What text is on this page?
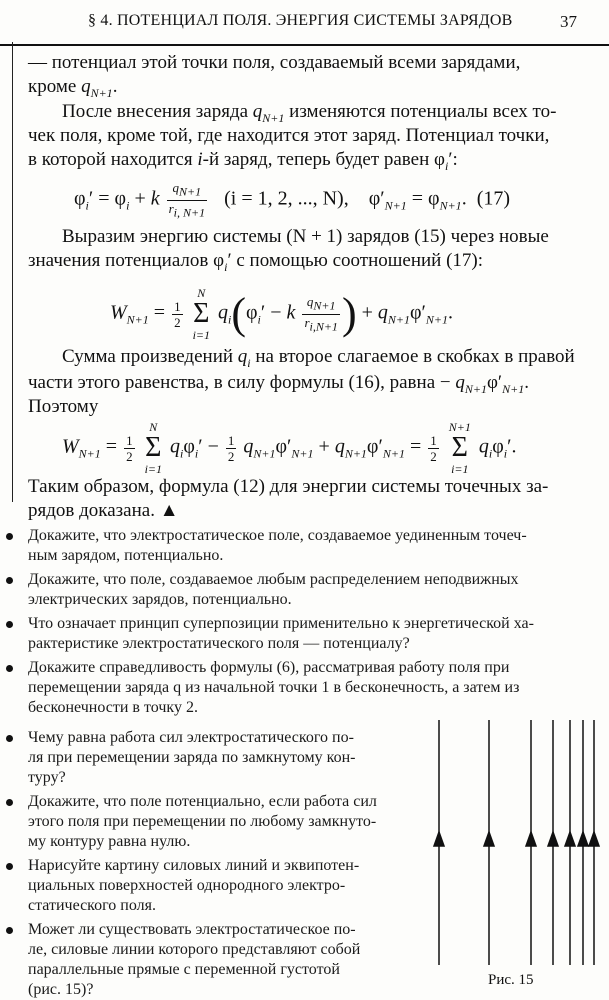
§ 4. ПОТЕНЦИАЛ ПОЛЯ. ЭНЕРГИЯ СИСТЕМЫ ЗАРЯДОВ	37
— потенциал этой точки поля, создаваемый всеми зарядами,
кроме $q_{N+1}$.
После внесения заряда $q_{N+1}$ изменяются потенциалы всех то-
чек поля, кроме той, где находится этот заряд. Потенциал точки,
в которой находится i-й заряд, теперь будет равен $\varphi_i'$:
$\varphi_i' = \varphi_i + k \frac{q_{N+1}}{r_{i, N+1}} (i = 1$, 2, ..., N),    $\varphi'_{N+1} = \varphi_{N+1}$.  (17)
Выразим энергию системы (N + 1) зарядов (15) через новые
значения потенциалов $\varphi_i'$ с помощью соотношений (17):
$W_{N+1} = \frac{1}{2}$

N
Σ
i=1
$q_i(\varphi_i' - k \frac{q_{N+1}}{r_{i,N+1}}$ ) + $q_{N+1}\varphi'_{N+1}$.
Сумма произведений $q_i$ на второе слагаемое в скобках в правой
части этого равенства, в силу формулы (16), равна − $q_{N+1}\varphi'_{N+1}$.
Поэтому
$W_{N+1} = \frac{1}{2}$

N
Σ
i=1
$q_i\varphi_i' - \frac{1}{2} q_{N+1}\varphi'_{N+1} + q_{N+1}\varphi'_{N+1} = \frac{1}{2}$

N+1
Σ
i=1
$q_i\varphi_i'$.
Таким образом, формула (12) для энергии системы точечных за-
рядов доказана. ▲
Докажите, что электростатическое поле, создаваемое уединенным точеч-
ным зарядом, потенциально.
Докажите, что поле, создаваемое любым распределением неподвижных
электрических зарядов, потенциально.
Что означает принцип суперпозиции применительно к энергетической ха-
рактеристике электростатического поля — потенциалу?
Докажите справедливость формулы (6), рассматривая работу поля при
перемещении заряда q из начальной точки 1 в бесконечность, а затем из
бесконечности в точку 2.
Чему равна работа сил электростатического по-
ля при перемещении заряда по замкнутому кон-
туру?
Докажите, что поле потенциально, если работа сил
этого поля при перемещении по любому замкнуто-
му контуру равна нулю.
Нарисуйте картину силовых линий и эквипотен-
циальных поверхностей однородного электро-
статического поля.
Может ли существовать электростатическое по-
ле, силовые линии которого представляют собой
параллельные прямые с переменной густотой
(рис. 15)?
Рис. 15
